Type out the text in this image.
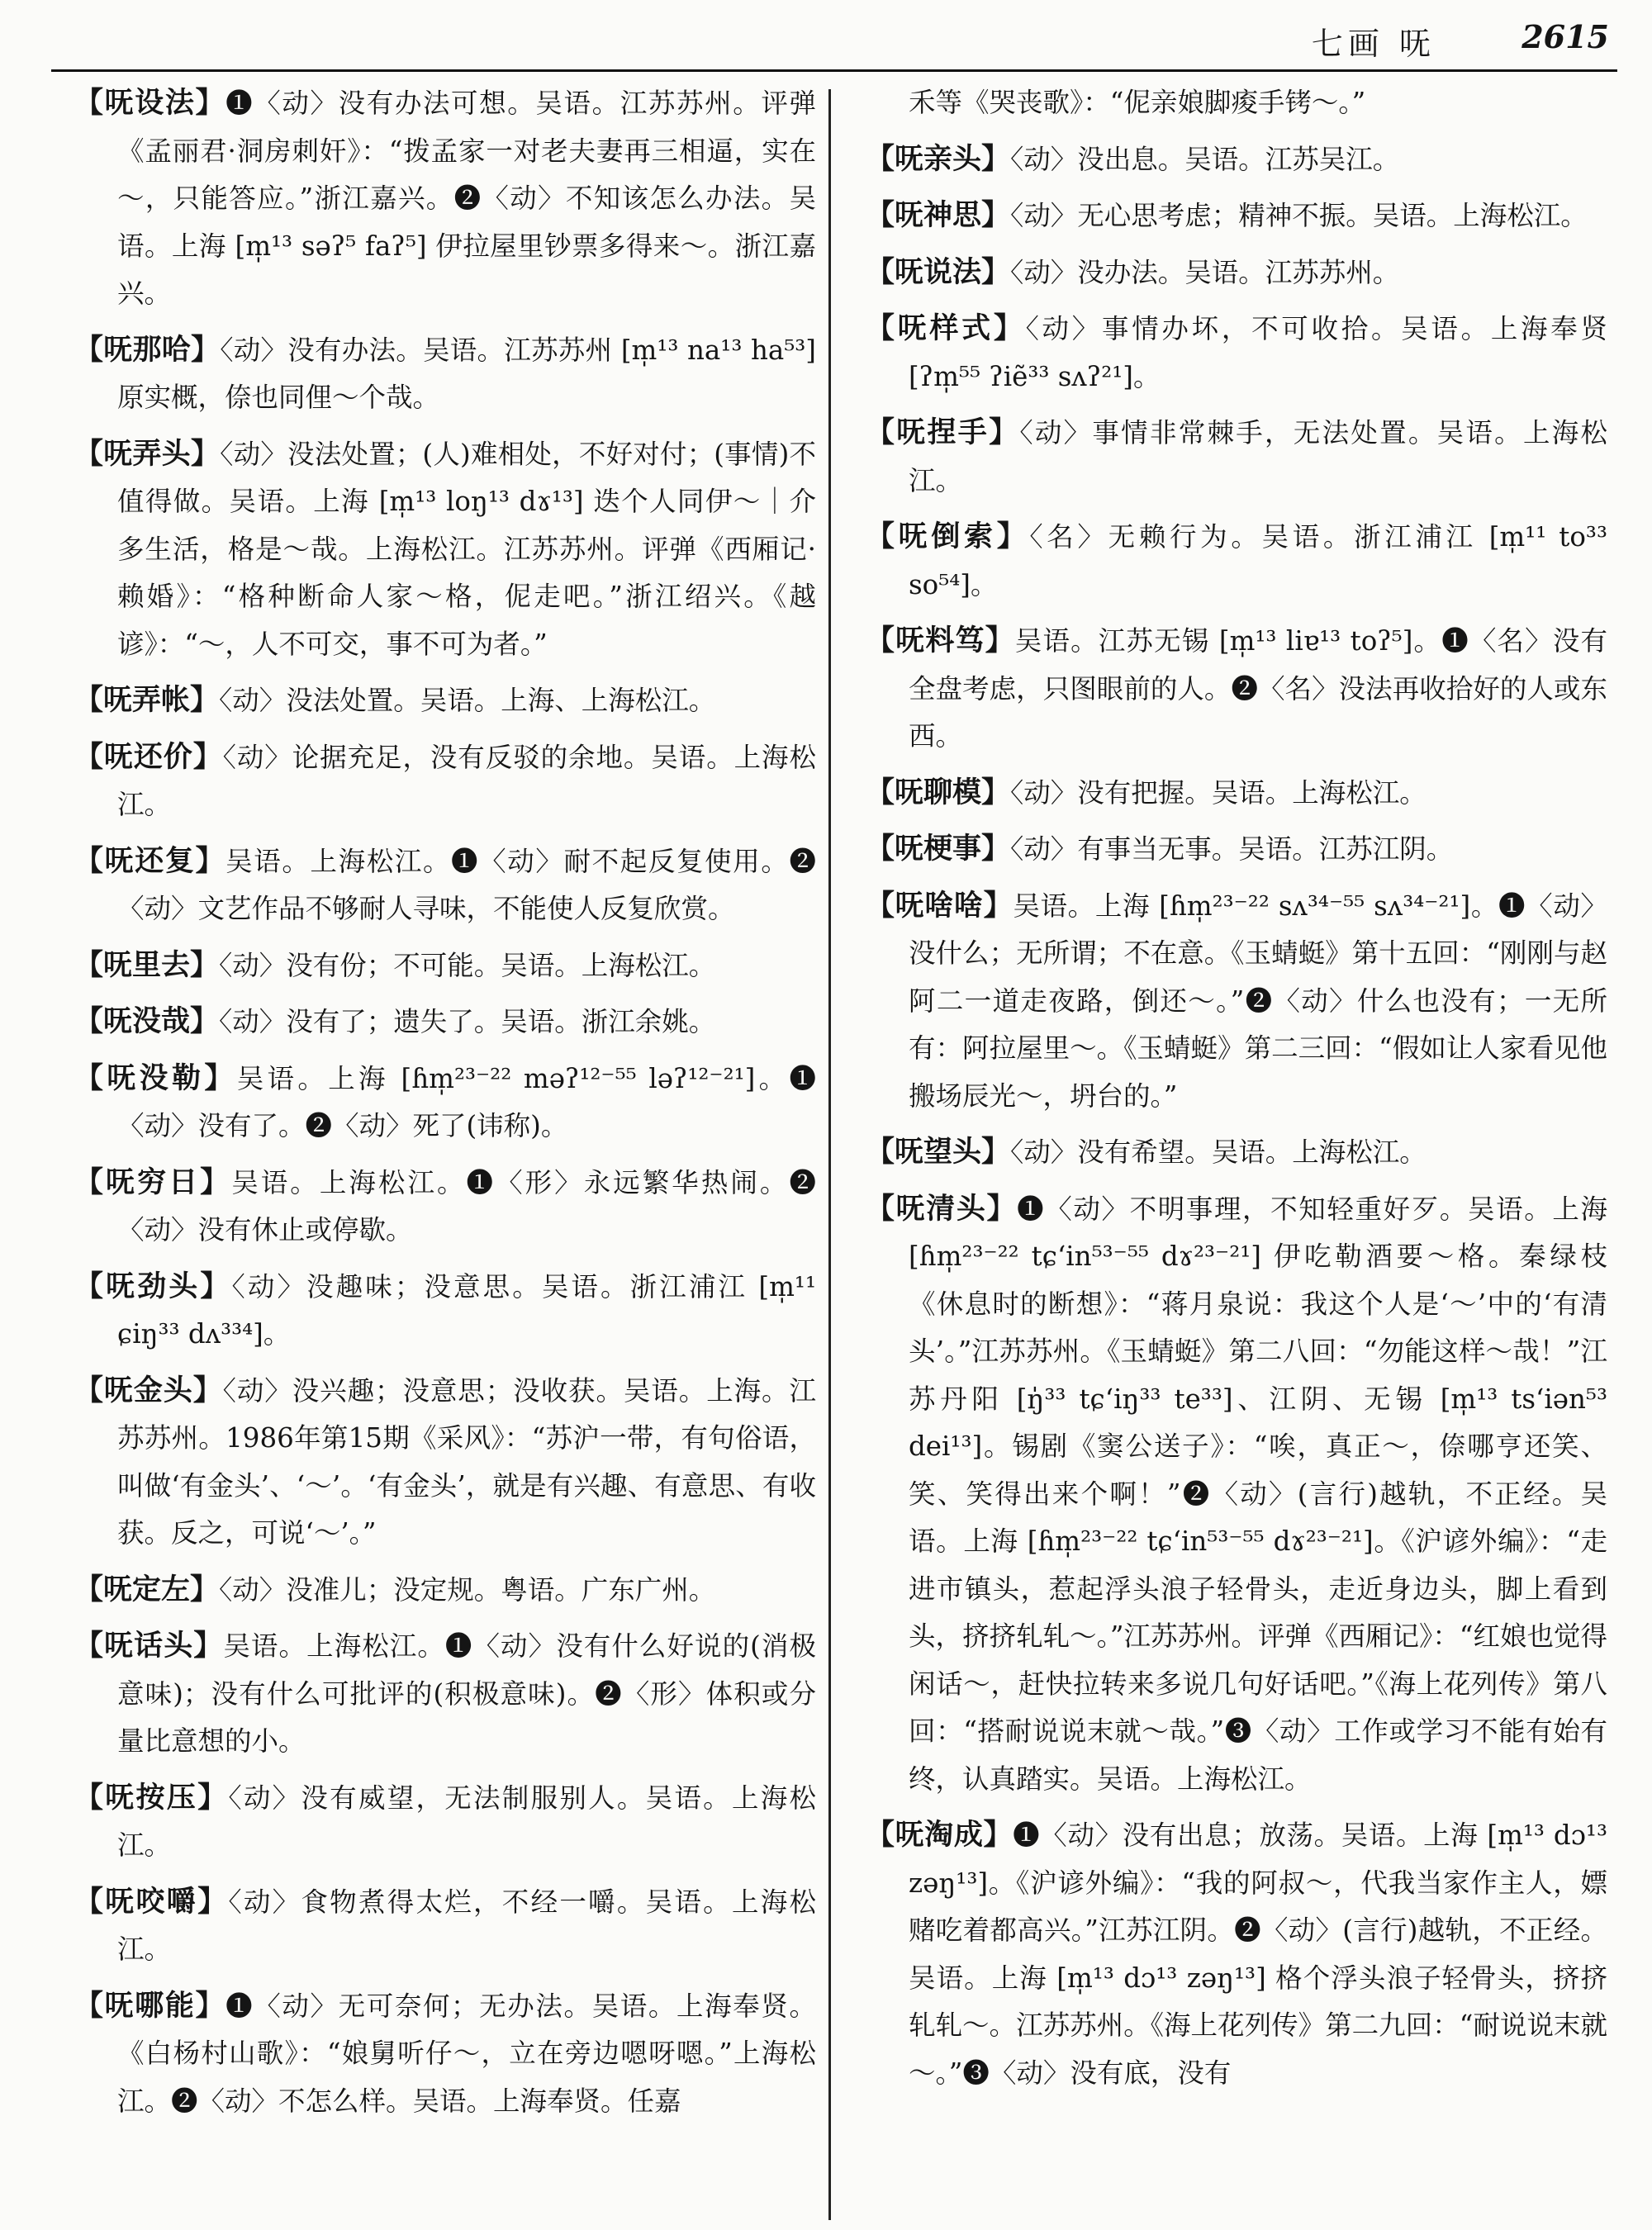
七画 呒	2615

【呒设法】❶〈动〉没有办法可想。吴语。江苏苏州。评弹《孟丽君·洞房刺奸》：“拨孟家一对老夫妻再三相逼，实在～，只能答应。”浙江嘉兴。❷〈动〉不知该怎么办法。吴语。上海 [m̩¹³ səʔ⁵ faʔ⁵] 伊拉屋里钞票多得来～。浙江嘉兴。

【呒那哈】〈动〉没有办法。吴语。江苏苏州 [m̩¹³ na¹³ ha⁵³] 原实概，倷也同俚～个哉。

【呒弄头】〈动〉没法处置；(人)难相处，不好对付；(事情)不值得做。吴语。上海 [m̩¹³ loŋ¹³ dɤ¹³] 迭个人同伊～｜介多生活，格是～哉。上海松江。江苏苏州。评弹《西厢记·赖婚》：“格种断命人家～格，伲走吧。”浙江绍兴。《越谚》：“～，人不可交，事不可为者。”

【呒弄帐】〈动〉没法处置。吴语。上海、上海松江。

【呒还价】〈动〉论据充足，没有反驳的余地。吴语。上海松江。

【呒还复】吴语。上海松江。❶〈动〉耐不起反复使用。❷〈动〉文艺作品不够耐人寻味，不能使人反复欣赏。

【呒里去】〈动〉没有份；不可能。吴语。上海松江。

【呒没哉】〈动〉没有了；遗失了。吴语。浙江余姚。

【呒没勒】吴语。上海 [ɦm̩²³⁻²² məʔ¹²⁻⁵⁵ ləʔ¹²⁻²¹]。❶〈动〉没有了。❷〈动〉死了(讳称)。

【呒穷日】吴语。上海松江。❶〈形〉永远繁华热闹。❷〈动〉没有休止或停歇。

【呒劲头】〈动〉没趣味；没意思。吴语。浙江浦江 [m̩¹¹ ɕiŋ³³ dʌ³³⁴]。

【呒金头】〈动〉没兴趣；没意思；没收获。吴语。上海。江苏苏州。1986年第15期《采风》：“苏沪一带，有句俗语，叫做‘有金头’、‘～’。‘有金头’，就是有兴趣、有意思、有收获。反之，可说‘～’。”

【呒定左】〈动〉没准儿；没定规。粤语。广东广州。

【呒话头】吴语。上海松江。❶〈动〉没有什么好说的(消极意味)；没有什么可批评的(积极意味)。❷〈形〉体积或分量比意想的小。

【呒按压】〈动〉没有威望，无法制服别人。吴语。上海松江。

【呒咬嚼】〈动〉食物煮得太烂，不经一嚼。吴语。上海松江。

【呒哪能】❶〈动〉无可奈何；无办法。吴语。上海奉贤。《白杨村山歌》：“娘舅听仔～，立在旁边嗯呀嗯。”上海松江。❷〈动〉不怎么样。吴语。上海奉贤。任嘉

禾等《哭丧歌》：“伲亲娘脚痠手铐～。”

【呒亲头】〈动〉没出息。吴语。江苏吴江。

【呒神思】〈动〉无心思考虑；精神不振。吴语。上海松江。

【呒说法】〈动〉没办法。吴语。江苏苏州。

【呒样式】〈动〉事情办坏，不可收拾。吴语。上海奉贤 [ʔm̩⁵⁵ ʔiẽ³³ sʌʔ²¹]。

【呒捏手】〈动〉事情非常棘手，无法处置。吴语。上海松江。

【呒倒索】〈名〉无赖行为。吴语。浙江浦江 [m̩¹¹ to³³ so⁵⁴]。

【呒料笃】吴语。江苏无锡 [m̩¹³ liɐ¹³ toʔ⁵]。❶〈名〉没有全盘考虑，只图眼前的人。❷〈名〉没法再收拾好的人或东西。

【呒聊模】〈动〉没有把握。吴语。上海松江。

【呒梗事】〈动〉有事当无事。吴语。江苏江阴。

【呒啥啥】吴语。上海 [ɦm̩²³⁻²² sʌ³⁴⁻⁵⁵ sʌ³⁴⁻²¹]。❶〈动〉没什么；无所谓；不在意。《玉蜻蜓》第十五回：“刚刚与赵阿二一道走夜路，倒还～。”❷〈动〉什么也没有；一无所有：阿拉屋里～。《玉蜻蜓》第二三回：“假如让人家看见他搬场辰光～，坍台的。”

【呒望头】〈动〉没有希望。吴语。上海松江。

【呒清头】❶〈动〉不明事理，不知轻重好歹。吴语。上海 [ɦm̩²³⁻²² tɕʻin⁵³⁻⁵⁵ dɤ²³⁻²¹] 伊吃勒酒要～格。秦绿枝《休息时的断想》：“蒋月泉说：我这个人是‘～’中的‘有清头’。”江苏苏州。《玉蜻蜓》第二八回：“勿能这样～哉！”江苏丹阳 [ŋ̍³³ tɕʻiŋ³³ te³³]、江阴、无锡 [m̩¹³ tsʻiən⁵³ dei¹³]。锡剧《窦公送子》：“唉，真正～，倷哪亨还笑、笑、笑得出来个啊！”❷〈动〉(言行)越轨，不正经。吴语。上海 [ɦm̩²³⁻²² tɕʻin⁵³⁻⁵⁵ dɤ²³⁻²¹]。《沪谚外编》：“走进市镇头，惹起浮头浪子轻骨头，走近身边头，脚上看到头，挤挤轧轧～。”江苏苏州。评弹《西厢记》：“红娘也觉得闲话～，赶快拉转来多说几句好话吧。”《海上花列传》第八回：“搭耐说说末就～哉。”❸〈动〉工作或学习不能有始有终，认真踏实。吴语。上海松江。

【呒淘成】❶〈动〉没有出息；放荡。吴语。上海 [m̩¹³ dɔ¹³ zəŋ¹³]。《沪谚外编》：“我的阿叔～，代我当家作主人，嫖赌吃着都高兴。”江苏江阴。❷〈动〉(言行)越轨，不正经。吴语。上海 [m̩¹³ dɔ¹³ zəŋ¹³] 格个浮头浪子轻骨头，挤挤轧轧～。江苏苏州。《海上花列传》第二九回：“耐说说末就～。”❸〈动〉没有底，没有
